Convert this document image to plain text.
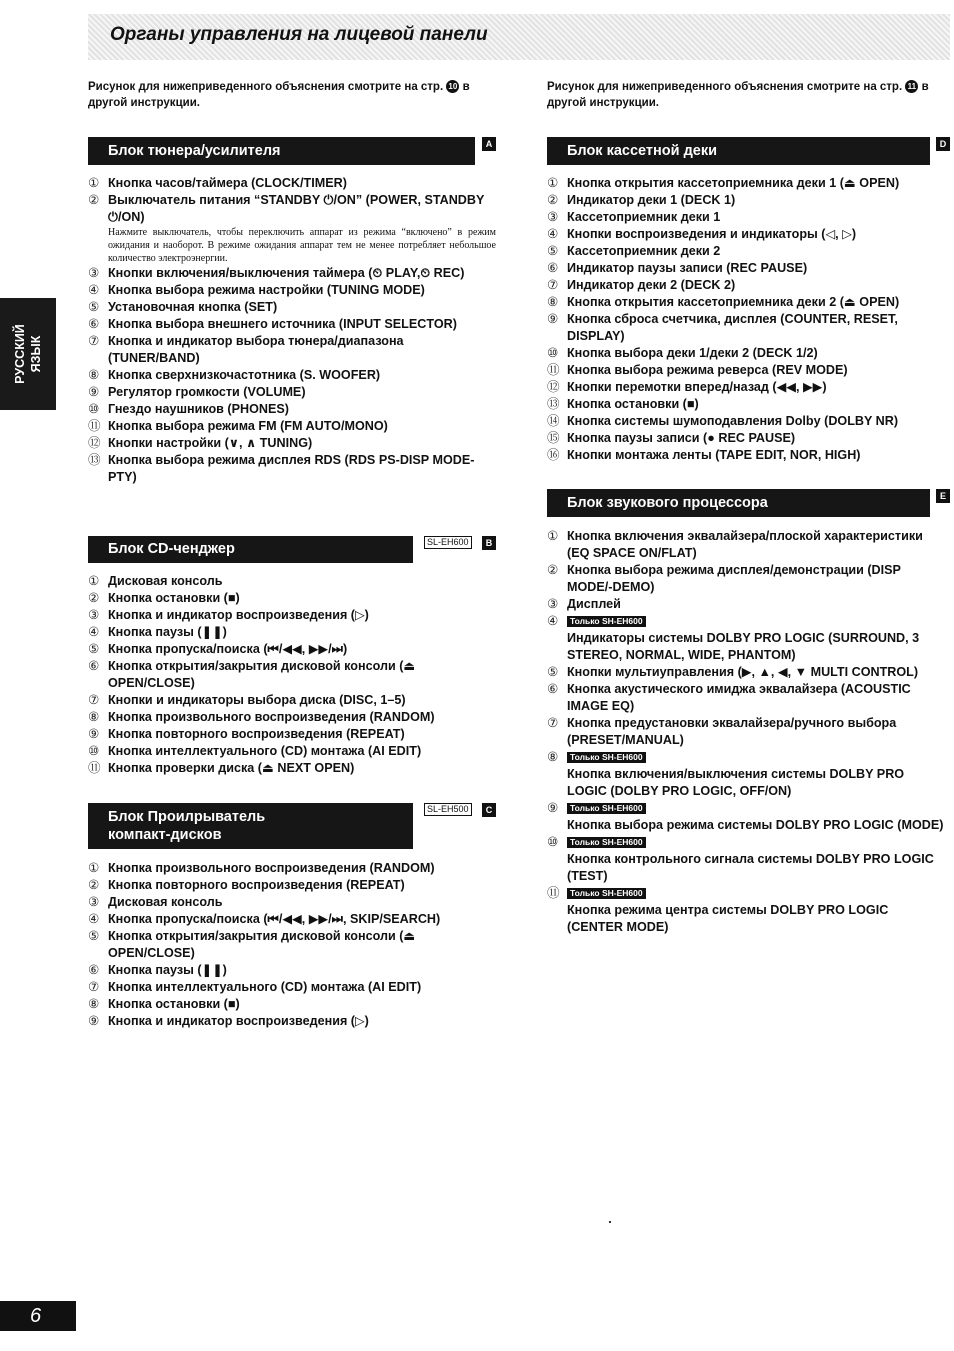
Органы управления на лицевой панели
Рисунок для нижеприведенного объяснения смотрите на стр. 10 в другой инструкции.
Рисунок для нижеприведенного объяснения смотрите на стр. 11 в другой инструкции.
Блок тюнера/усилителя	A
① Кнопка часов/таймера (CLOCK/TIMER)
② Выключатель питания “STANDBY ⏻/ON” (POWER, STANDBY ⏻/ON)
Нажмите выключатель, чтобы переключить аппарат из режима “включено” в режим ожидания и наоборот. В режиме ожидания аппарат тем не менее потребляет небольшое количество электроэнергии.
③ Кнопки включения/выключения таймера (⏲ PLAY,⏲ REC)
④ Кнопка выбора режима настройки (TUNING MODE)
⑤ Установочная кнопка (SET)
⑥ Кнопка выбора внешнего источника (INPUT SELECTOR)
⑦ Кнопка и индикатор выбора тюнера/диапазона (TUNER/BAND)
⑧ Кнопка сверхнизкочастотника (S. WOOFER)
⑨ Регулятор громкости (VOLUME)
⑩ Гнездо наушников (PHONES)
⑪ Кнопка выбора режима FM (FM AUTO/MONO)
⑫ Кнопки настройки (∨, ∧ TUNING)
⑬ Кнопка выбора режима дисплея RDS (RDS PS-DISP MODE-PTY)
Блок CD-ченджер	SL-EH600	B
① Дисковая консоль
② Кнопка остановки (■)
③ Кнопка и индикатор воспроизведения (▷)
④ Кнопка паузы (❚❚)
⑤ Кнопка пропуска/поиска (⏮/◀◀, ▶▶/⏭)
⑥ Кнопка открытия/закрытия дисковой консоли (⏏ OPEN/CLOSE)
⑦ Кнопки и индикаторы выбора диска (DISC, 1–5)
⑧ Кнопка произвольного воспроизведения (RANDOM)
⑨ Кнопка повторного воспроизведения (REPEAT)
⑩ Кнопка интеллектуального (CD) монтажа (AI EDIT)
⑪ Кнопка проверки диска (⏏ NEXT OPEN)
Блок Проилрыватель
компакт-дисков
SL-EH500	C
① Кнопка произвольного воспроизведения (RANDOM)
② Кнопка повторного воспроизведения (REPEAT)
③ Дисковая консоль
④ Кнопка пропуска/поиска (⏮/◀◀, ▶▶/⏭, SKIP/SEARCH)
⑤ Кнопка открытия/закрытия дисковой консоли (⏏ OPEN/CLOSE)
⑥ Кнопка паузы (❚❚)
⑦ Кнопка интеллектуального (CD) монтажа (AI EDIT)
⑧ Кнопка остановки (■)
⑨ Кнопка и индикатор воспроизведения (▷)
Блок кассетной деки	D
① Кнопка открытия кассетоприемника деки 1 (⏏ OPEN)
② Индикатор деки 1 (DECK 1)
③ Кассетоприемник деки 1
④ Кнопки воспроизведения и индикаторы (◁, ▷)
⑤ Кассетоприемник деки 2
⑥ Индикатор паузы записи (REC PAUSE)
⑦ Индикатор деки 2 (DECK 2)
⑧ Кнопка открытия кассетоприемника деки 2 (⏏ OPEN)
⑨ Кнопка сброса счетчика, дисплея (COUNTER, RESET, DISPLAY)
⑩ Кнопка выбора деки 1/деки 2 (DECK 1/2)
⑪ Кнопка выбора режима реверса (REV MODE)
⑫ Кнопки перемотки вперед/назад (◀◀, ▶▶)
⑬ Кнопка остановки (■)
⑭ Кнопка системы шумоподавления Dolby (DOLBY NR)
⑮ Кнопка паузы записи (● REC PAUSE)
⑯ Кнопки монтажа ленты (TAPE EDIT, NOR, HIGH)
Блок звукового процессора	E
① Кнопка включения эквалайзера/плоской характеристики (EQ SPACE ON/FLAT)
② Кнопка выбора режима дисплея/демонстрации (DISP MODE/-DEMO)
③ Дисплей
④ Только SH-EH600
Индикаторы системы DOLBY PRO LOGIC (SURROUND, 3 STEREO, NORMAL, WIDE, PHANTOM)
⑤ Кнопки мультиуправления (▶, ▲, ◀, ▼ MULTI CONTROL)
⑥ Кнопка акустического имиджа эквалайзера (ACOUSTIC IMAGE EQ)
⑦ Кнопка предустановки эквалайзера/ручного выбора (PRESET/MANUAL)
⑧ Только SH-EH600
Кнопка включения/выключения системы DOLBY PRO LOGIC (DOLBY PRO LOGIC, OFF/ON)
⑨ Только SH-EH600
Кнопка выбора режима системы DOLBY PRO LOGIC (MODE)
⑩ Только SH-EH600
Кнопка контрольного сигнала системы DOLBY PRO LOGIC (TEST)
⑪ Только SH-EH600
Кнопка режима центра системы DOLBY PRO LOGIC (CENTER MODE)
РУССКИЙ ЯЗЫК
6
